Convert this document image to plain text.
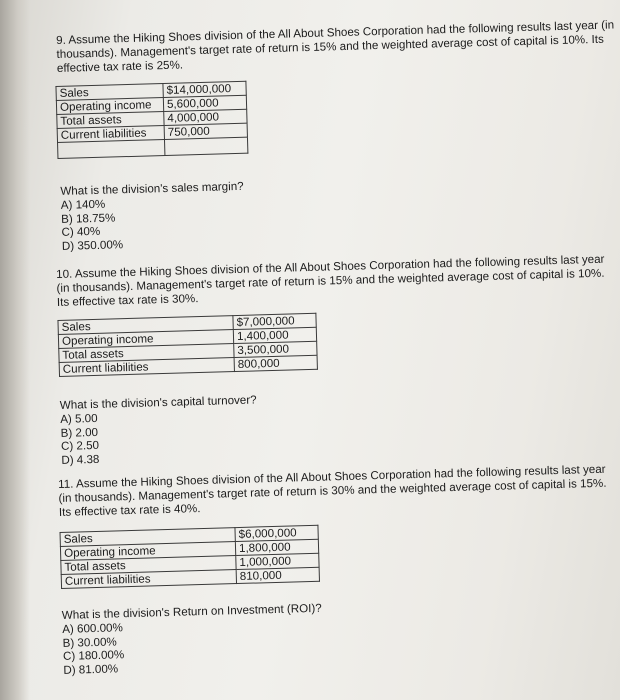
9. Assume the Hiking Shoes division of the All About Shoes Corporation had the following results last year (in thousands). Management's target rate of return is 15% and the weighted average cost of capital is 10%. Its effective tax rate is 25%.

Sales	$14,000,000
Operating income	5,600,000
Total assets	4,000,000
Current liabilities	750,000

What is the division's sales margin?

A) 140%
B) 18.75%
C) 40%
D) 350.00%

10. Assume the Hiking Shoes division of the All About Shoes Corporation had the following results last year (in thousands). Management's target rate of return is 15% and the weighted average cost of capital is 10%. Its effective tax rate is 30%.

Sales	$7,000,000
Operating income	1,400,000
Total assets	3,500,000
Current liabilities	800,000

What is the division's capital turnover?

A) 5.00
B) 2.00
C) 2.50
D) 4.38

11. Assume the Hiking Shoes division of the All About Shoes Corporation had the following results last year (in thousands). Management's target rate of return is 30% and the weighted average cost of capital is 15%. Its effective tax rate is 40%.

Sales	$6,000,000
Operating income	1,800,000
Total assets	1,000,000
Current liabilities	810,000

What is the division's Return on Investment (ROI)?

A) 600.00%
B) 30.00%
C) 180.00%
D) 81.00%
